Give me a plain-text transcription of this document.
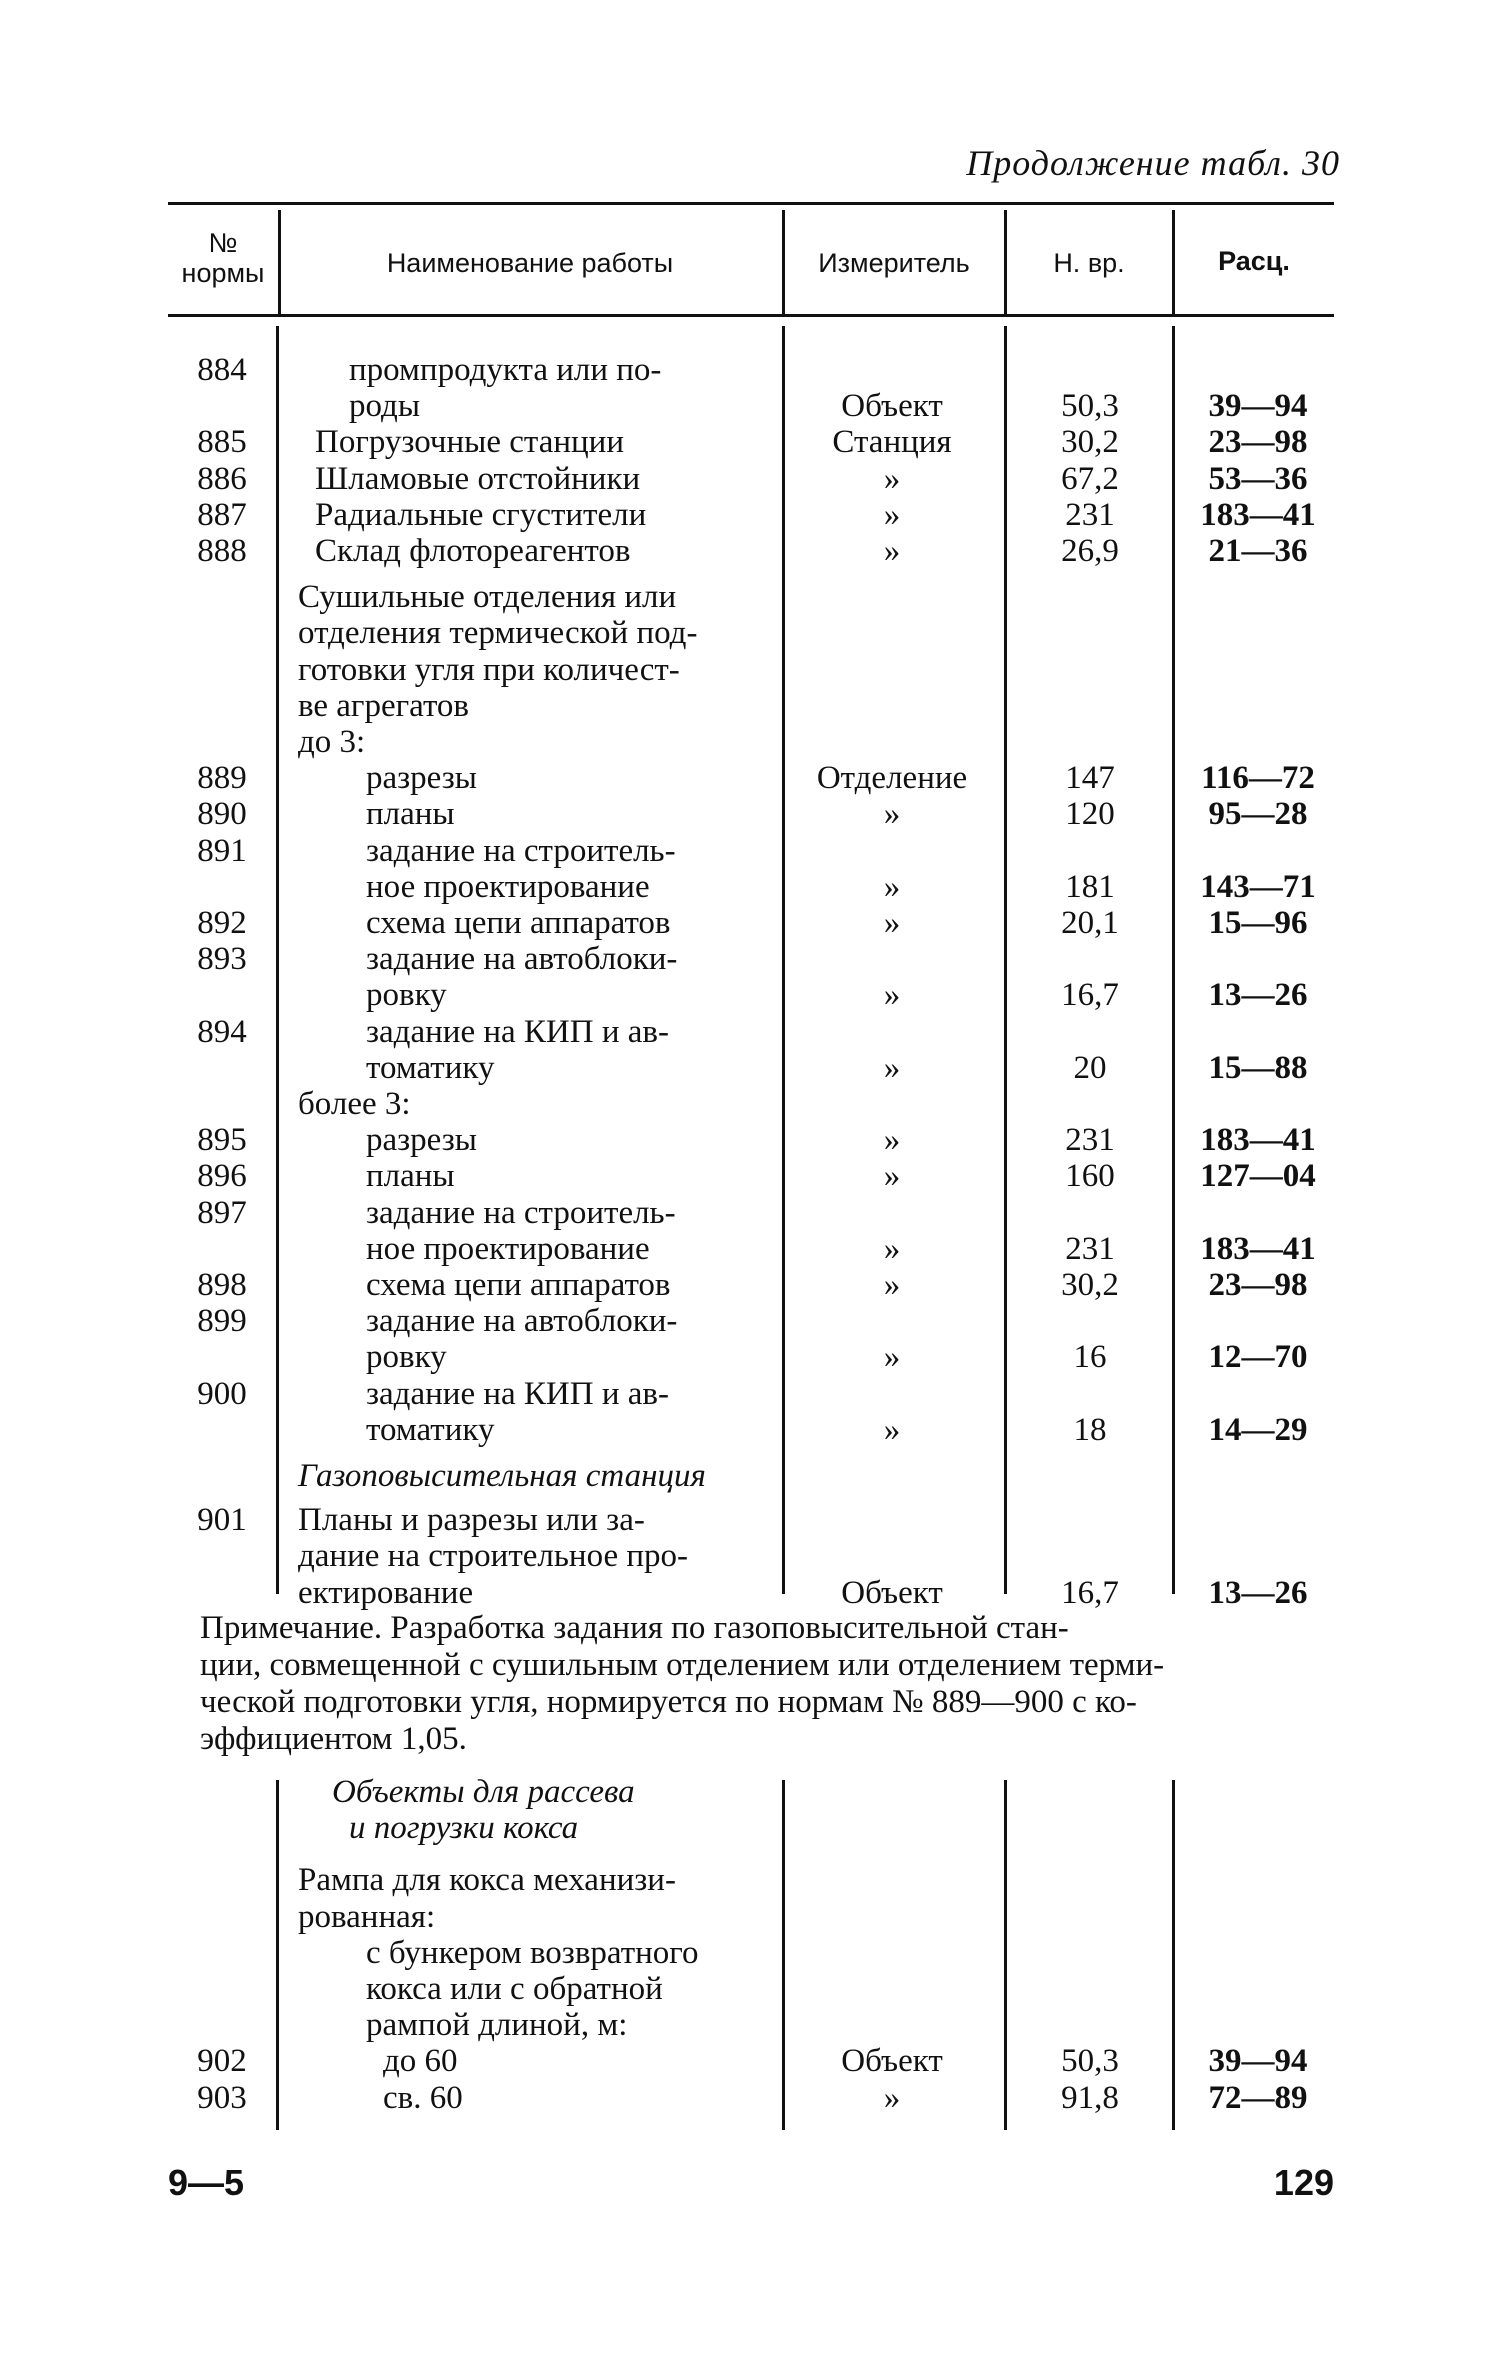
Продолжение табл. 30
№
нормы	Наименование работы	Измеритель	Н. вр.	Расц.
884	промпродукта или по-
роды	Объект	50,3	39—94
885	Погрузочные станции	Станция	30,2	23—98
886	Шламовые отстойники	»	67,2	53—36
887	Радиальные сгустители	»	231	183—41
888	Склад флотореагентов	»	26,9	21—36
Сушильные отделения или
отделения термической под-
готовки угля при количест-
ве агрегатов
до 3:
889	разрезы	Отделение	147	116—72
890	планы	»	120	95—28
891	задание на строитель-
ное проектирование	»	181	143—71
892	схема цепи аппаратов	»	20,1	15—96
893	задание на автоблоки-
ровку	»	16,7	13—26
894	задание на КИП и ав-
томатику	»	20	15—88
более 3:
895	разрезы	»	231	183—41
896	планы	»	160	127—04
897	задание на строитель-
ное проектирование	»	231	183—41
898	схема цепи аппаратов	»	30,2	23—98
899	задание на автоблоки-
ровку	»	16	12—70
900	задание на КИП и ав-
томатику	»	18	14—29
Газоповысительная станция
901	Планы и разрезы или за-
дание на строительное про-
ектирование	Объект	16,7	13—26
Примечание. Разработка задания по газоповысительной стан-
ции, совмещенной с сушильным отделением или отделением терми-
ческой подготовки угля, нормируется по нормам № 889—900 с ко-
эффициентом 1,05.
Объекты для рассева
и погрузки кокса
Рампа для кокса механизи-
рованная:
с бункером возвратного
кокса или с обратной
рампой длиной, м:
902	до 60	Объект	50,3	39—94
903	св. 60	»	91,8	72—89
9—5	129
